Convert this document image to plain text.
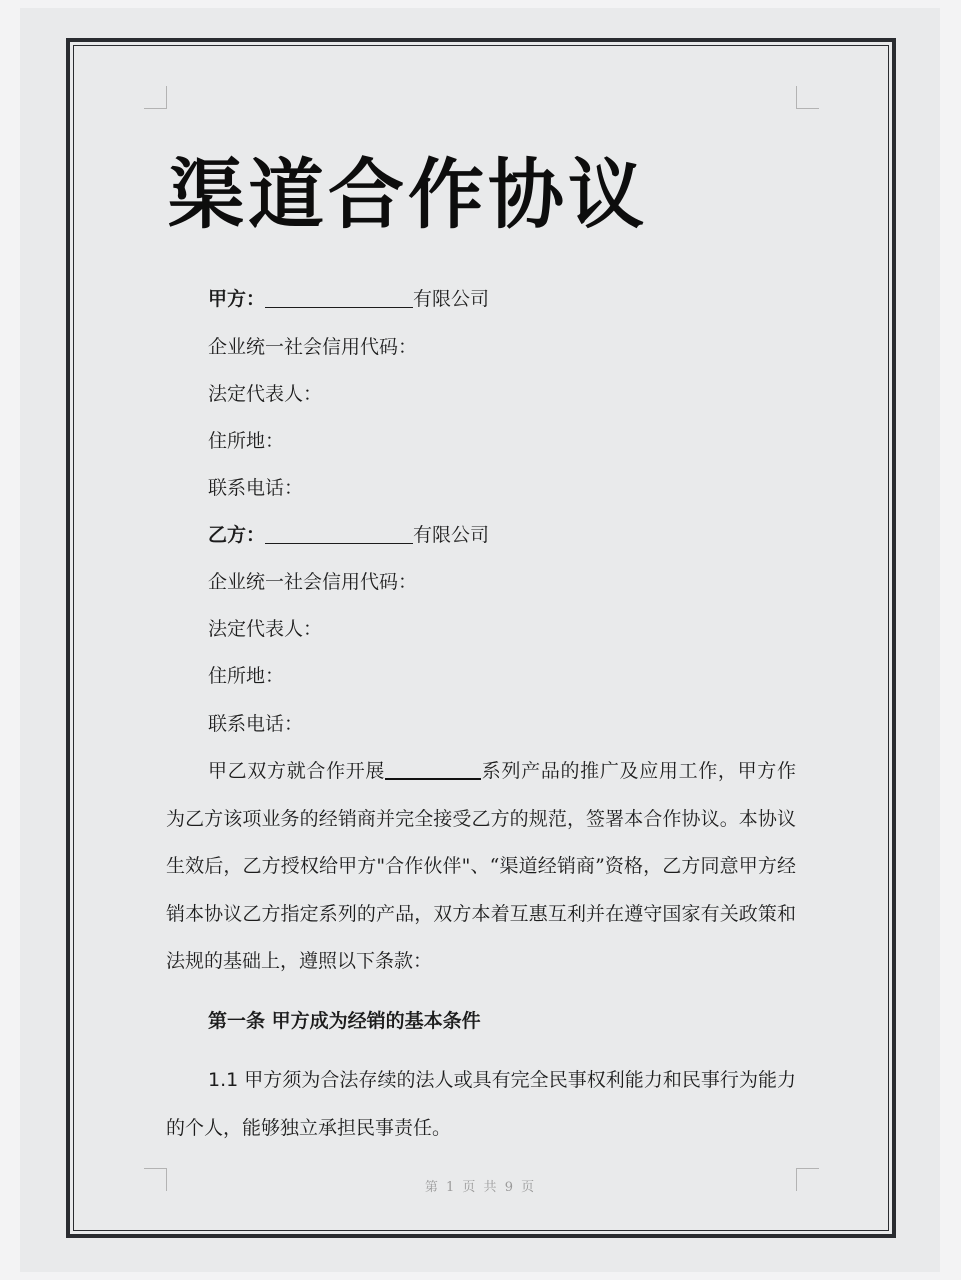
渠道合作协议
甲方：	有限公司
企业统一社会信用代码：
法定代表人：
住所地：
联系电话：
乙方：	有限公司
企业统一社会信用代码：
法定代表人：
住所地：
联系电话：

甲乙双方就合作开展	系列产品的推广及应用工作，甲方作为乙方该项业务的经销商并完全接受乙方的规范，签署本合作协议。本协议生效后，乙方授权给甲方"合作伙伴"、“渠道经销商”资格，乙方同意甲方经销本协议乙方指定系列的产品，双方本着互惠互利并在遵守国家有关政策和法规的基础上，遵照以下条款：

第一条 甲方成为经销的基本条件

1.1 甲方须为合法存续的法人或具有完全民事权利能力和民事行为能力的个人，能够独立承担民事责任。

第 1 页 共 9 页
